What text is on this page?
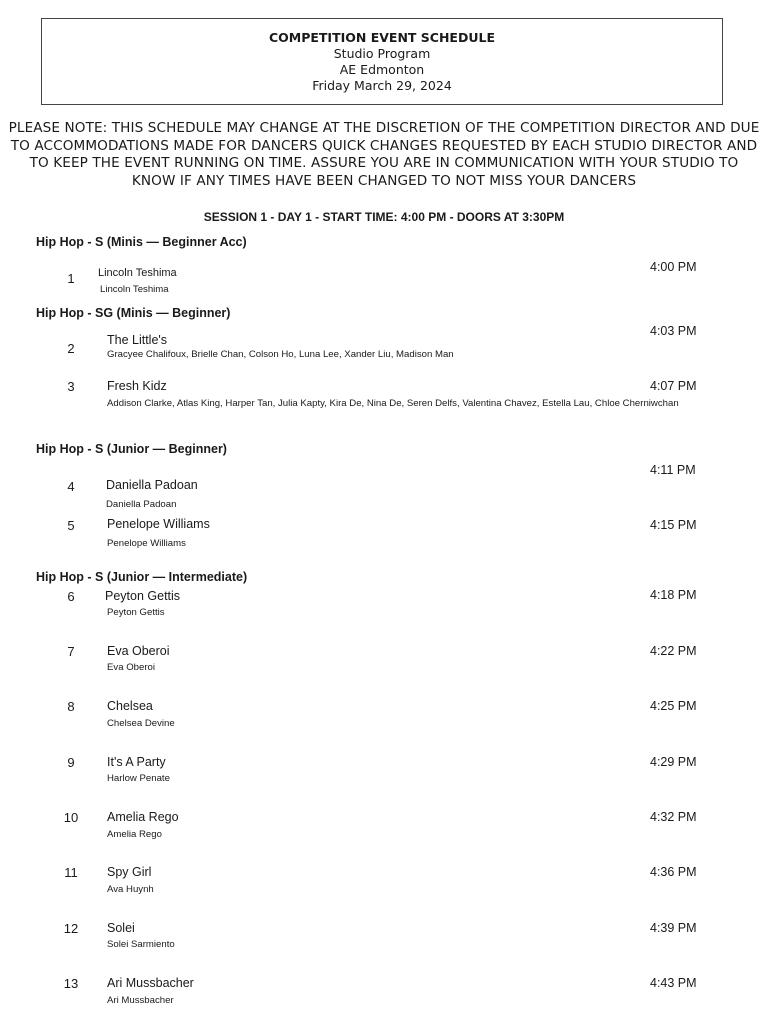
COMPETITION EVENT SCHEDULE
Studio Program
AE Edmonton
Friday March 29, 2024
PLEASE NOTE: THIS SCHEDULE MAY CHANGE AT THE DISCRETION OF THE COMPETITION DIRECTOR AND DUE TO ACCOMMODATIONS MADE FOR DANCERS QUICK CHANGES REQUESTED BY EACH STUDIO DIRECTOR AND TO KEEP THE EVENT RUNNING ON TIME. ASSURE YOU ARE IN COMMUNICATION WITH YOUR STUDIO TO KNOW IF ANY TIMES HAVE BEEN CHANGED TO NOT MISS YOUR DANCERS
SESSION 1 - DAY 1 - START TIME: 4:00 PM - DOORS AT 3:30PM
Hip Hop - S (Minis — Beginner Acc)
Hip Hop - SG (Minis — Beginner)
Hip Hop - S (Junior — Beginner)
Hip Hop - S (Junior — Intermediate)
1	Lincoln Teshima
Lincoln Teshima
4:00 PM
2
The Little's
Gracyee Chalifoux, Brielle Chan, Colson Ho, Luna Lee, Xander Liu, Madison Man
4:03 PM
3	Fresh Kidz
Addison Clarke, Atlas King, Harper Tan, Julia Kapty, Kira De, Nina De, Seren Delfs, Valentina Chavez, Estella Lau, Chloe Cherniwchan
4:07 PM
4	Daniella Padoan
Daniella Padoan
4:11 PM
5	Penelope Williams
Penelope Williams
4:15 PM
6	Peyton Gettis
Peyton Gettis
4:18 PM
7	Eva Oberoi
Eva Oberoi
4:22 PM
8	Chelsea
Chelsea Devine
4:25 PM
9	It's A Party
Harlow Penate
4:29 PM
10	Amelia Rego
Amelia Rego
4:32 PM
11	Spy Girl
Ava Huynh
4:36 PM
12	Solei
Solei Sarmiento
4:39 PM
13	Ari Mussbacher
Ari Mussbacher
4:43 PM
